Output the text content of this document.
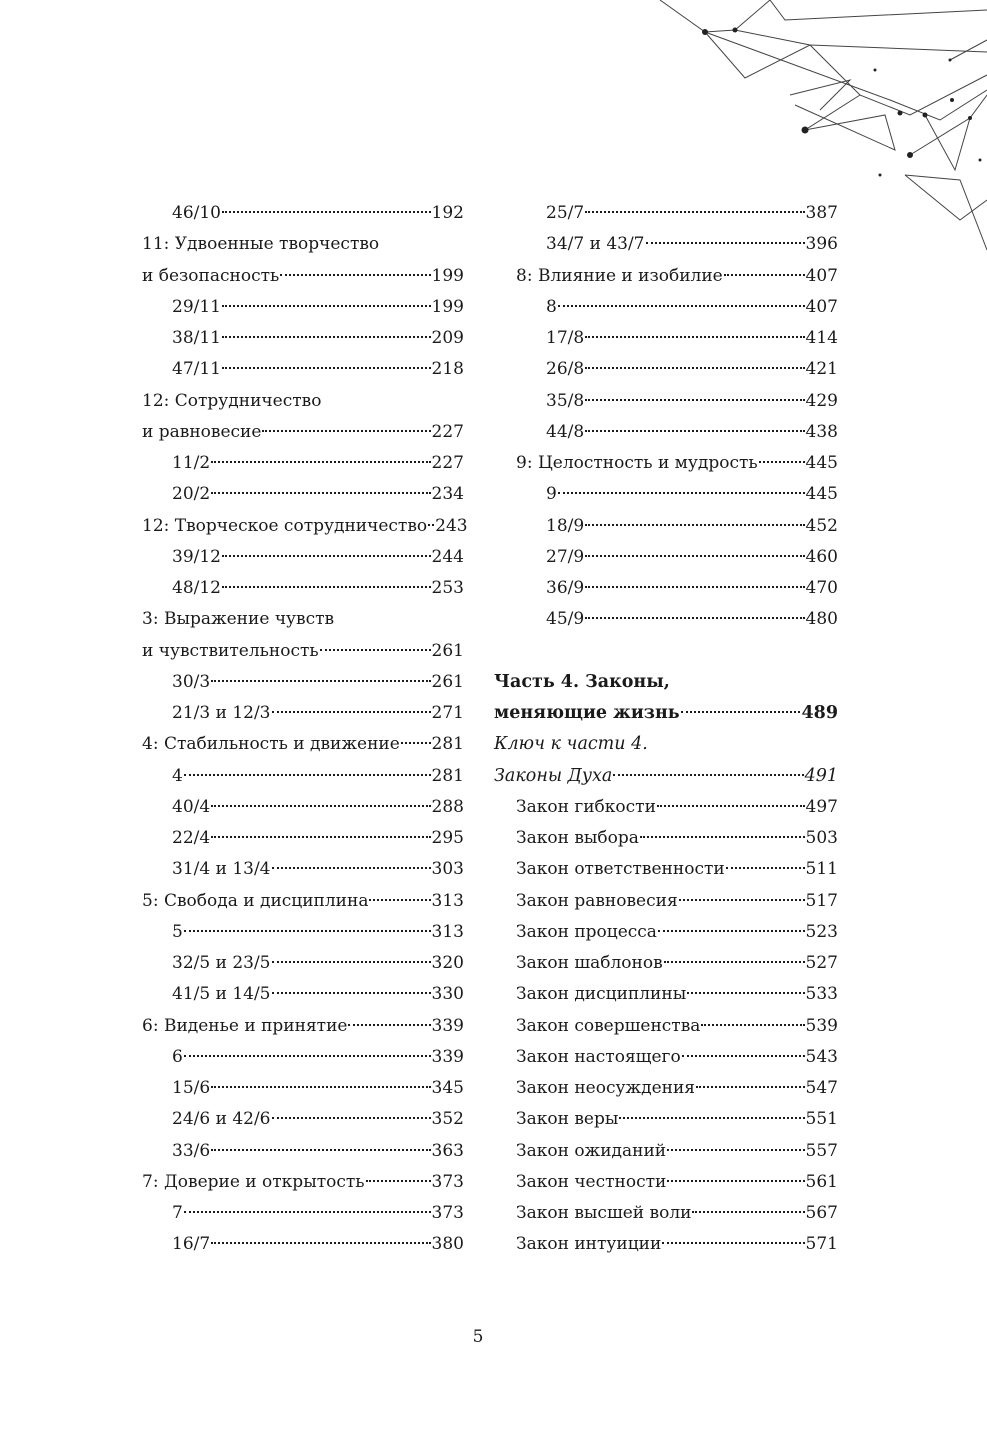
46/10	192
11: Удвоенные творчество
и безопасность	199
29/11	199
38/11	209
47/11	218
12: Сотрудничество
и равновесие	227
11/2	227
20/2	234
12: Творческое сотрудничество 243
39/12	244
48/12	253
3: Выражение чувств
и чувствительность	261
30/3	261
21/3 и 12/3	271
4: Стабильность и движение 281
4	281
40/4	288
22/4	295
31/4 и 13/4	303
5: Свобода и дисциплина	313
5	313
32/5 и 23/5	320
41/5 и 14/5	330
6: Виденье и принятие	339
6	339
15/6	345
24/6 и 42/6	352
33/6	363
7: Доверие и открытость	373
7	373
16/7	380
25/7	387
34/7 и 43/7	396
8: Влияние и изобилие	407
8	407
17/8	414
26/8	421
35/8	429
44/8	438
9: Целостность и мудрость	445
9	445
18/9	452
27/9	460
36/9	470
45/9	480
Часть 4. Законы,
меняющие жизнь	489
Ключ к части 4.
Законы Духа	491
Закон гибкости	497
Закон выбора	503
Закон ответственности	511
Закон равновесия	517
Закон процесса	523
Закон шаблонов	527
Закон дисциплины	533
Закон совершенства	539
Закон настоящего	543
Закон неосуждения	547
Закон веры	551
Закон ожиданий	557
Закон честности	561
Закон высшей воли	567
Закон интуиции	571
5
